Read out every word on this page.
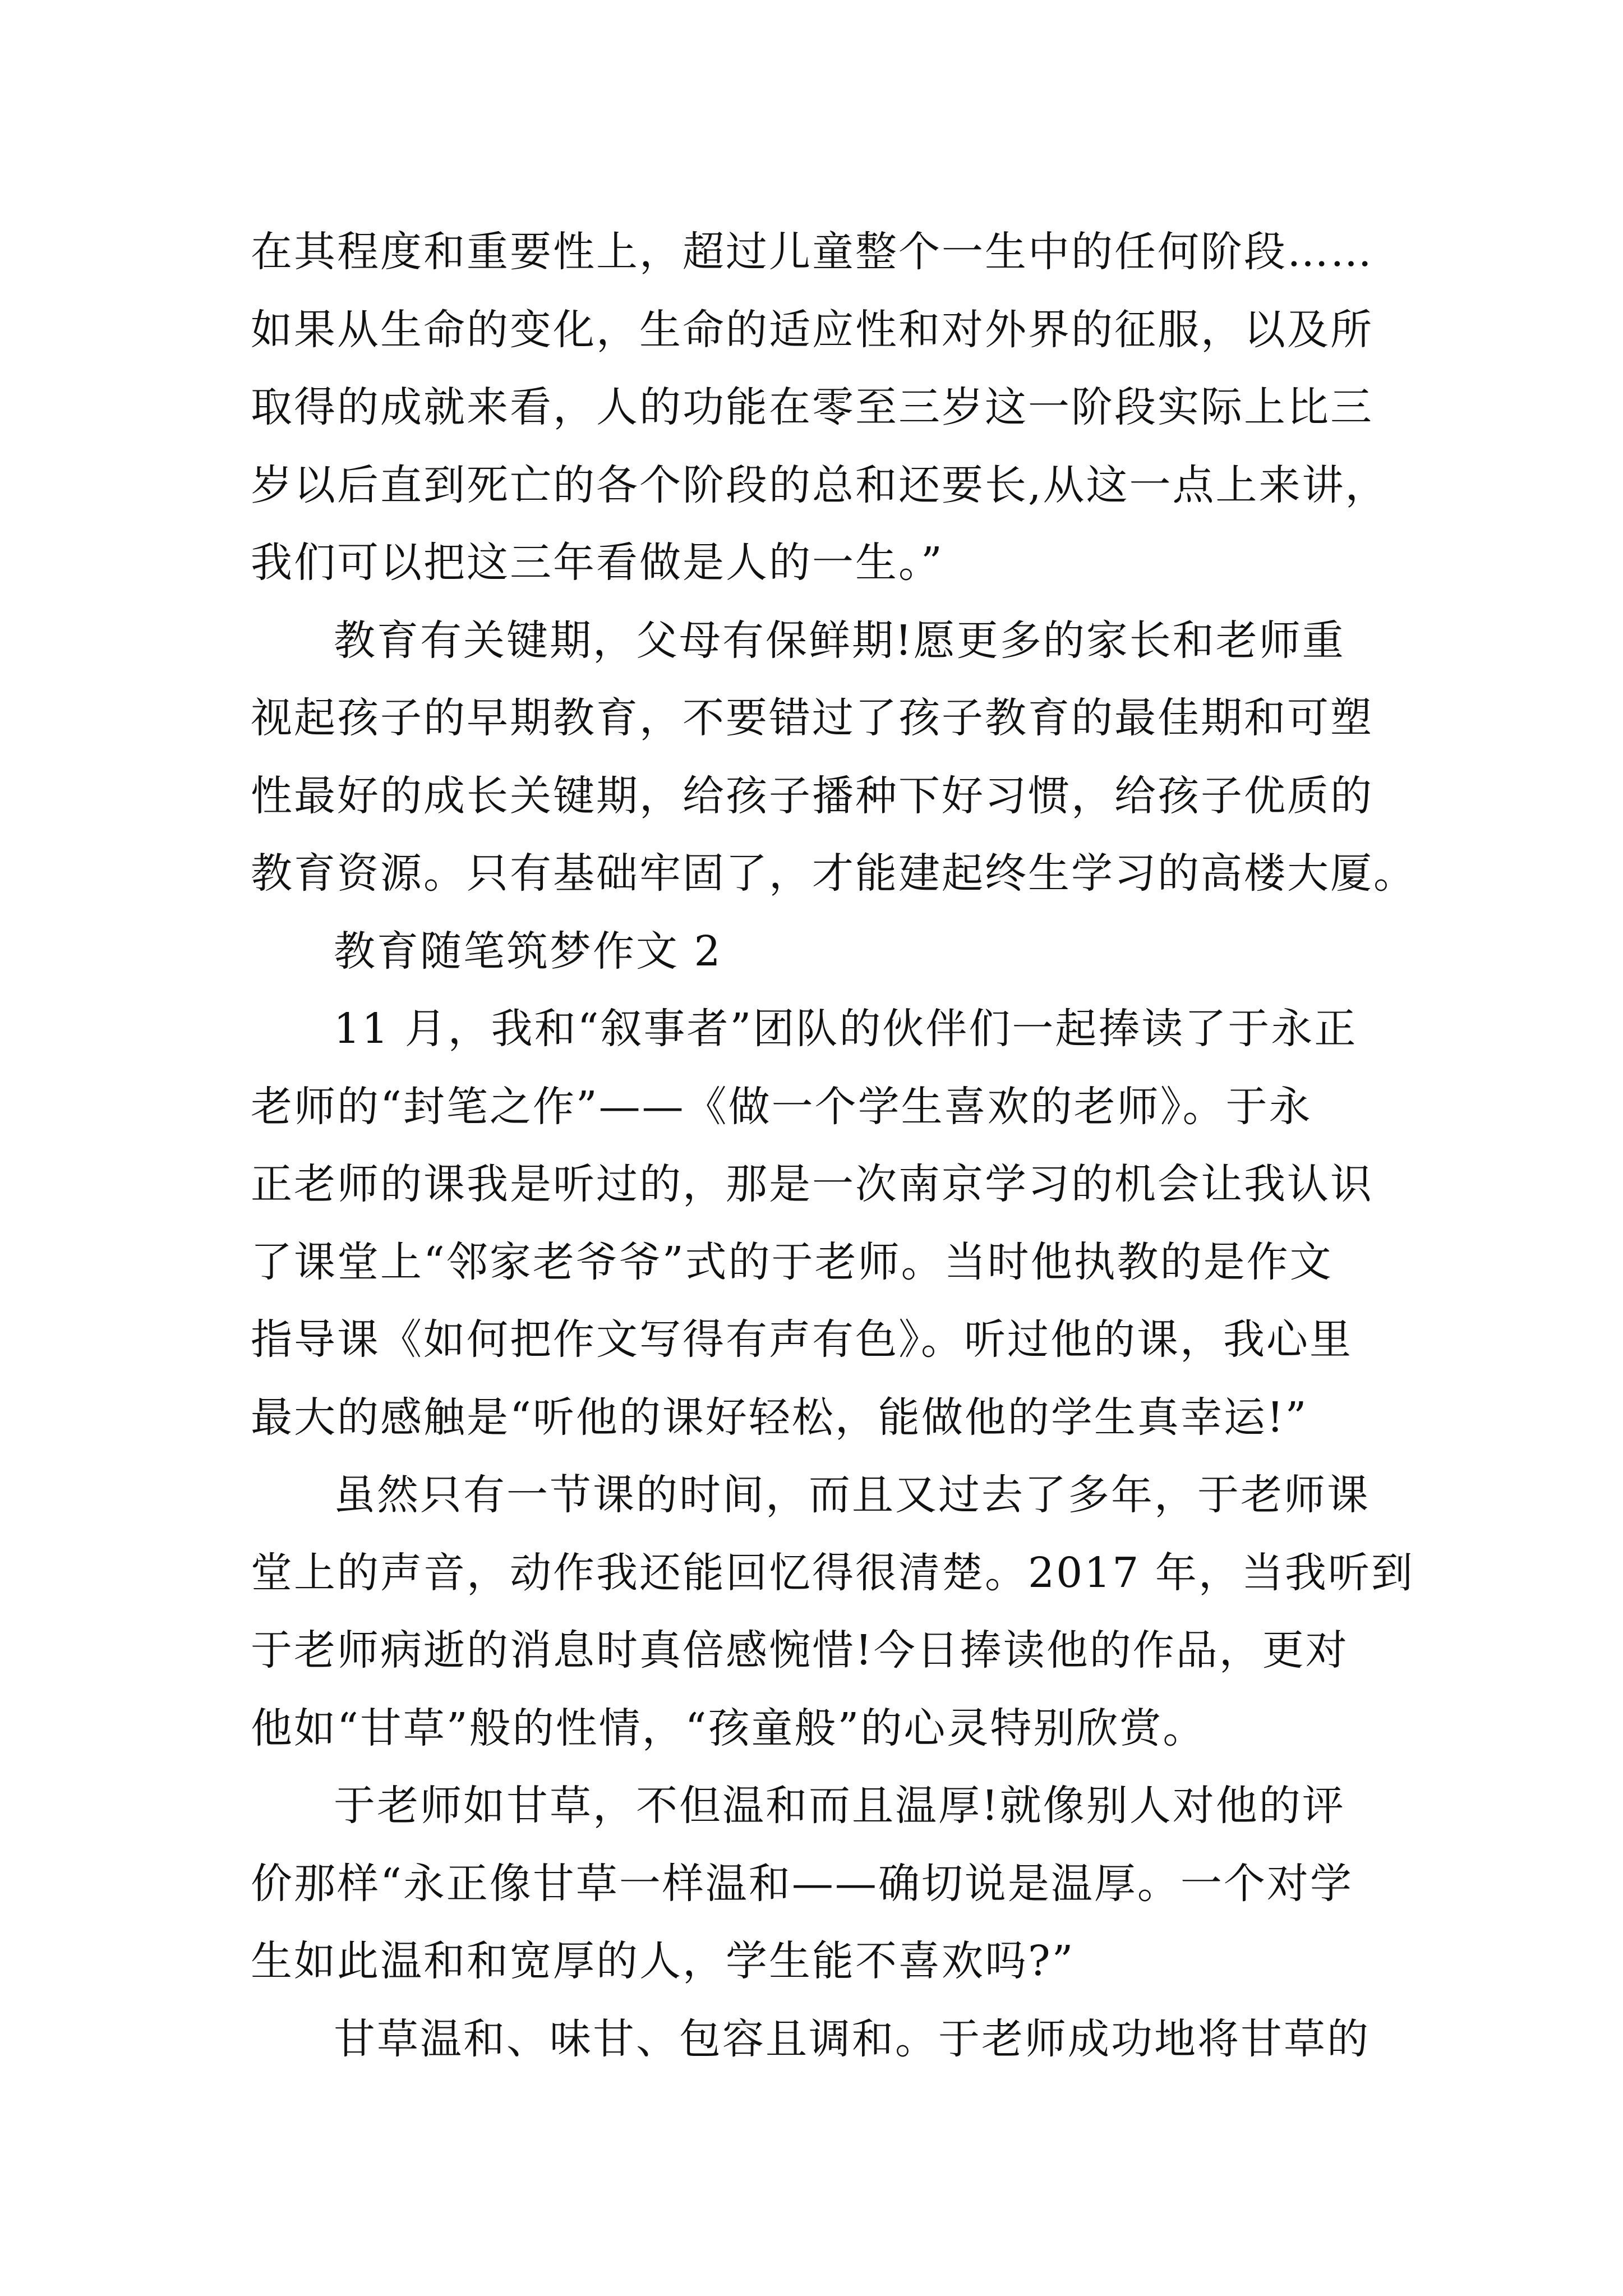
在其程度和重要性上，超过儿童整个一生中的任何阶段……
如果从生命的变化，生命的适应性和对外界的征服，以及所
取得的成就来看，人的功能在零至三岁这一阶段实际上比三
岁以后直到死亡的各个阶段的总和还要长,从这一点上来讲，
我们可以把这三年看做是人的一生。”
教育有关键期，父母有保鲜期!愿更多的家长和老师重
视起孩子的早期教育，不要错过了孩子教育的最佳期和可塑
性最好的成长关键期，给孩子播种下好习惯，给孩子优质的
教育资源。只有基础牢固了，才能建起终生学习的高楼大厦。
教育随笔筑梦作文 2
11 月，我和“叙事者”团队的伙伴们一起捧读了于永正
老师的“封笔之作”——《做一个学生喜欢的老师》。于永
正老师的课我是听过的，那是一次南京学习的机会让我认识
了课堂上“邻家老爷爷”式的于老师。当时他执教的是作文
指导课《如何把作文写得有声有色》。听过他的课，我心里
最大的感触是“听他的课好轻松，能做他的学生真幸运!”
虽然只有一节课的时间，而且又过去了多年，于老师课
堂上的声音，动作我还能回忆得很清楚。2017 年，当我听到
于老师病逝的消息时真倍感惋惜!今日捧读他的作品，更对
他如“甘草”般的性情，“孩童般”的心灵特别欣赏。
于老师如甘草，不但温和而且温厚!就像别人对他的评
价那样“永正像甘草一样温和——确切说是温厚。一个对学
生如此温和和宽厚的人，学生能不喜欢吗?”
甘草温和、味甘、包容且调和。于老师成功地将甘草的
